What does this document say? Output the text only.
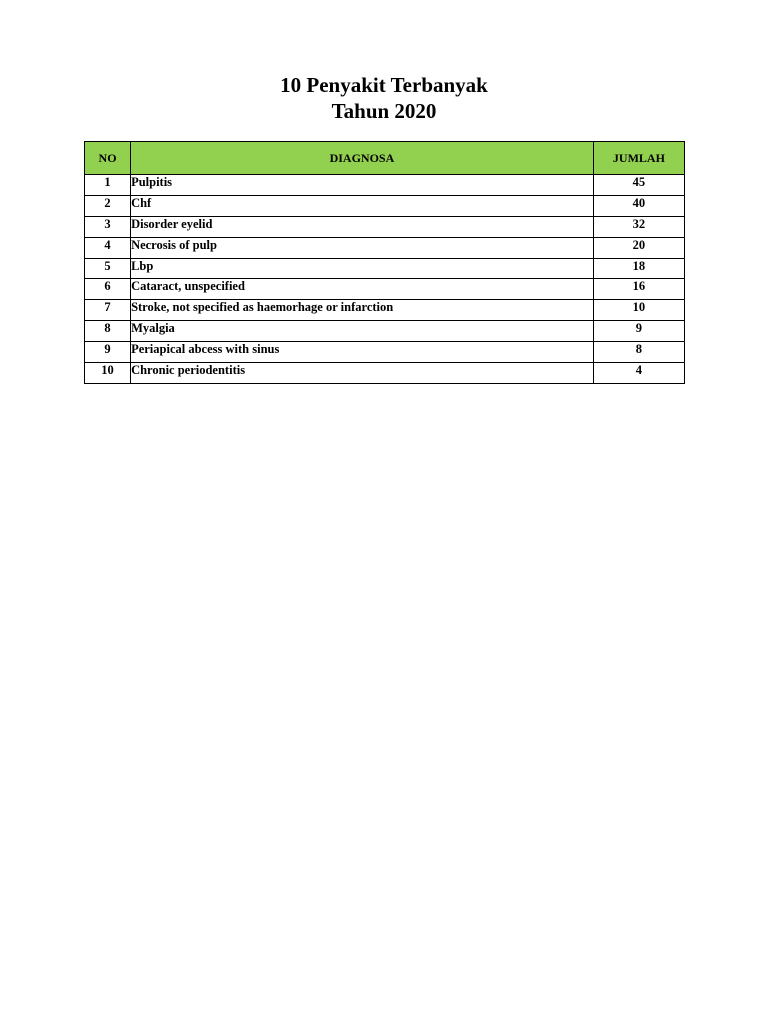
10 Penyakit Terbanyak
Tahun 2020
NO	DIAGNOSA	JUMLAH
1	Pulpitis	45
2	Chf	40
3	Disorder eyelid	32
4	Necrosis of pulp	20
5	Lbp	18
6	Cataract, unspecified	16
7	Stroke, not specified as haemorhage or infarction	10
8	Myalgia	9
9	Periapical abcess with sinus	8
10	Chronic periodentitis	4
